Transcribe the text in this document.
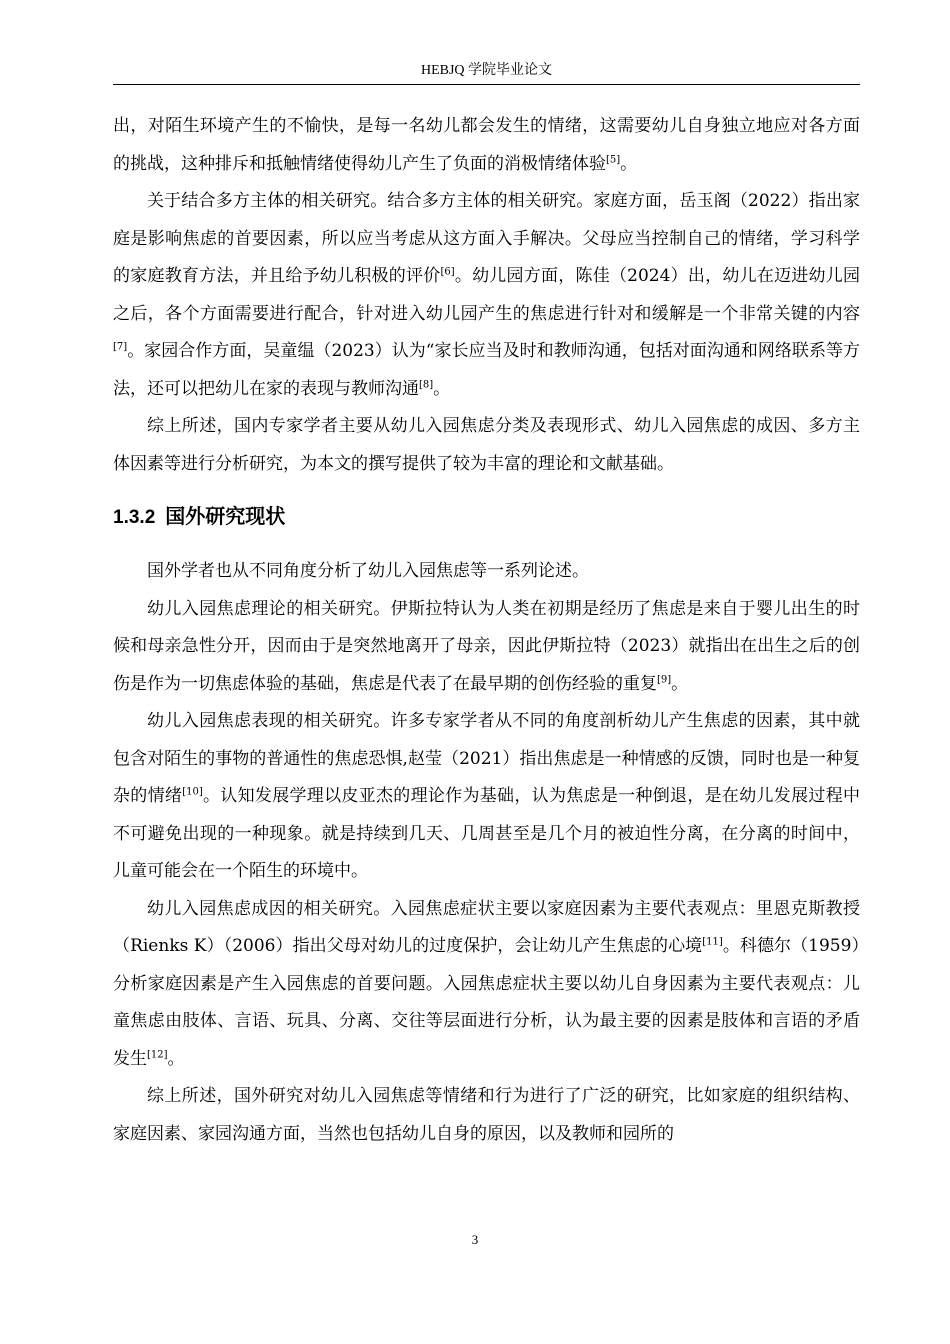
HEBJQ 学院毕业论文

出，对陌生环境产生的不愉快，是每一名幼儿都会发生的情绪，这需要幼儿自身独立地应对各方面的挑战，这种排斥和抵触情绪使得幼儿产生了负面的消极情绪体验[5]。

关于结合多方主体的相关研究。结合多方主体的相关研究。家庭方面，岳玉阁（2022）指出家庭是影响焦虑的首要因素，所以应当考虑从这方面入手解决。父母应当控制自己的情绪，学习科学的家庭教育方法，并且给予幼儿积极的评价[6]。幼儿园方面，陈佳（2024）出，幼儿在迈进幼儿园之后，各个方面需要进行配合，针对进入幼儿园产生的焦虑进行针对和缓解是一个非常关键的内容[7]。家园合作方面，吴童缊（2023）认为“家长应当及时和教师沟通，包括对面沟通和网络联系等方法，还可以把幼儿在家的表现与教师沟通[8]。

综上所述，国内专家学者主要从幼儿入园焦虑分类及表现形式、幼儿入园焦虑的成因、多方主体因素等进行分析研究，为本文的撰写提供了较为丰富的理论和文献基础。

1.3.2 国外研究现状

国外学者也从不同角度分析了幼儿入园焦虑等一系列论述。

幼儿入园焦虑理论的相关研究。伊斯拉特认为人类在初期是经历了焦虑是来自于婴儿出生的时候和母亲急性分开，因而由于是突然地离开了母亲，因此伊斯拉特（2023）就指出在出生之后的创伤是作为一切焦虑体验的基础，焦虑是代表了在最早期的创伤经验的重复[9]。

幼儿入园焦虑表现的相关研究。许多专家学者从不同的角度剖析幼儿产生焦虑的因素，其中就包含对陌生的事物的普通性的焦虑恐惧,赵莹（2021）指出焦虑是一种情感的反馈，同时也是一种复杂的情绪[10]。认知发展学理以皮亚杰的理论作为基础，认为焦虑是一种倒退，是在幼儿发展过程中不可避免出现的一种现象。就是持续到几天、几周甚至是几个月的被迫性分离，在分离的时间中，儿童可能会在一个陌生的环境中。

幼儿入园焦虑成因的相关研究。入园焦虑症状主要以家庭因素为主要代表观点：里恩克斯教授（Rienks K）（2006）指出父母对幼儿的过度保护，会让幼儿产生焦虑的心境[11]。科德尔（1959）分析家庭因素是产生入园焦虑的首要问题。入园焦虑症状主要以幼儿自身因素为主要代表观点：儿童焦虑由肢体、言语、玩具、分离、交往等层面进行分析，认为最主要的因素是肢体和言语的矛盾发生[12]。

综上所述，国外研究对幼儿入园焦虑等情绪和行为进行了广泛的研究，比如家庭的组织结构、家庭因素、家园沟通方面，当然也包括幼儿自身的原因，以及教师和园所的

3
